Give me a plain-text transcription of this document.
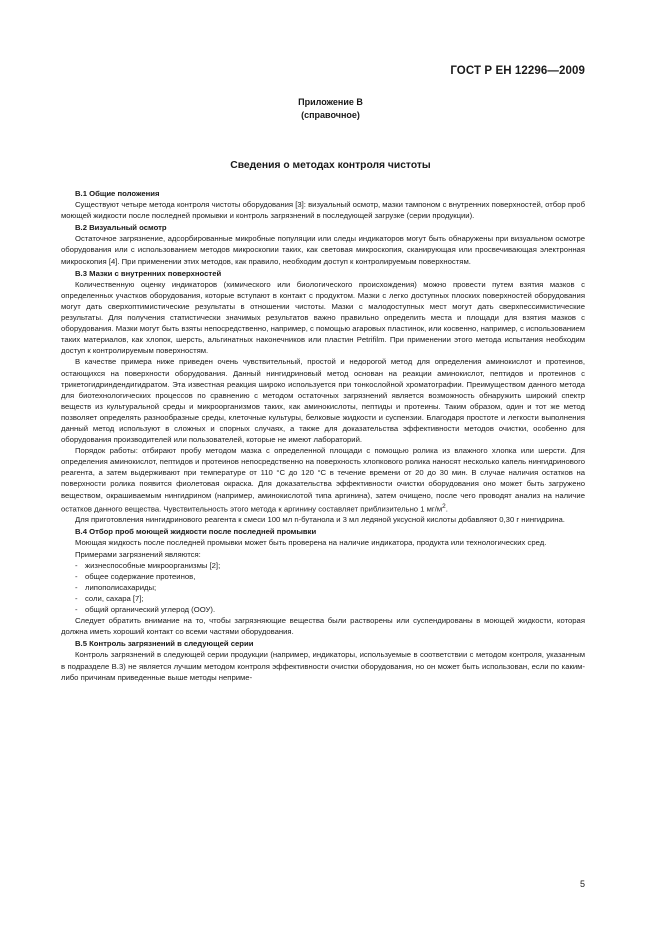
ГОСТ Р ЕН 12296—2009
Приложение В
(справочное)
Сведения о методах контроля чистоты
В.1 Общие положения

Существуют четыре метода контроля чистоты оборудования [3]: визуальный осмотр, мазки тампоном с внутренних поверхностей, отбор проб моющей жидкости после последней промывки и контроль загрязнений в последующей загрузке (серии продукции).

В.2 Визуальный осмотр

Остаточное загрязнение, адсорбированные микробные популяции или следы индикаторов могут быть обнаружены при визуальном осмотре оборудования или с использованием методов микроскопии таких, как световая микроскопия, сканирующая или просвечивающая электронная микроскопия [4]. При применении этих методов, как правило, необходим доступ к контролируемым поверхностям.

В.3 Мазки с внутренних поверхностей

Количественную оценку индикаторов (химического или биологического происхождения) можно провести путем взятия мазков с определенных участков оборудования, которые вступают в контакт с продуктом. Мазки с легко доступных плоских поверхностей оборудования могут дать сверхоптимистические результаты в отношении чистоты. Мазки с малодоступных мест могут дать сверхпессимистические результаты. Для получения статистически значимых результатов важно правильно определить места и площади для взятия мазков с оборудования. Мазки могут быть взяты непосредственно, например, с помощью агаровых пластинок, или косвенно, например, с использованием таких материалов, как хлопок, шерсть, альгинатных наконечников или пластин Petrifilm. При применении этого метода испытания необходим доступ к контролируемым поверхностям.

В качестве примера ниже приведен очень чувствительный, простой и недорогой метод для определения аминокислот и протеинов, остающихся на поверхности оборудования. Данный нингидриновый метод основан на реакции аминокислот, пептидов и протеинов с трикетогидриндендигидратом. Эта известная реакция широко используется при тонкослойной хроматографии. Преимуществом данного метода для биотехнологических процессов по сравнению с методом остаточных загрязнений является возможность обнаружить широкий спектр веществ из культуральной среды и микроорганизмов таких, как аминокислоты, пептиды и протеины. Таким образом, один и тот же метод позволяет определять разнообразные среды, клеточные культуры, белковые жидкости и суспензии. Благодаря простоте и легкости выполнения данный метод используют в сложных и спорных случаях, а также для доказательства эффективности методов очистки, особенно для оборудования производителей или пользователей, которые не имеют лабораторий.

Порядок работы: отбирают пробу методом мазка с определенной площади с помощью ролика из влажного хлопка или шерсти. Для определения аминокислот, пептидов и протеинов непосредственно на поверхность хлопкового ролика наносят несколько капель нингидринового реагента, а затем выдерживают при температуре от 110 °С до 120 °С в течение времени от 20 до 30 мин. В случае наличия остатков на поверхности ролика появится фиолетовая окраска. Для доказательства эффективности очистки оборудования оно может быть загружено веществом, окрашиваемым нингидрином (например, аминокислотой типа аргинина), затем очищено, после чего проводят анализ на наличие остатков данного вещества. Чувствительность этого метода к аргинину составляет приблизительно 1 $мг/м^2$.

Для приготовления нингидринового реагента к смеси 100 мл n-бутанола и 3 мл ледяной уксусной кислоты добавляют 0,30 г нингидрина.

В.4 Отбор проб моющей жидкости после последней промывки

Моющая жидкость после последней промывки может быть проверена на наличие индикатора, продукта или технологических сред.

Примерами загрязнений являются:

- жизнеспособные микроорганизмы [2];
- общее содержание протеинов,
- липополисахариды;
- соли, сахара [7];
- общий органический углерод (ООУ).

Следует обратить внимание на то, чтобы загрязняющие вещества были растворены или суспендированы в моющей жидкости, которая должна иметь хороший контакт со всеми частями оборудования.

В.5 Контроль загрязнений в следующей серии

Контроль загрязнений в следующей серии продукции (например, индикаторы, используемые в соответствии с методом контроля, указанным в подразделе В.3) не является лучшим методом контроля эффективности очистки оборудования, но он может быть использован, если по каким-либо причинам приведенные выше методы непримe-

5
